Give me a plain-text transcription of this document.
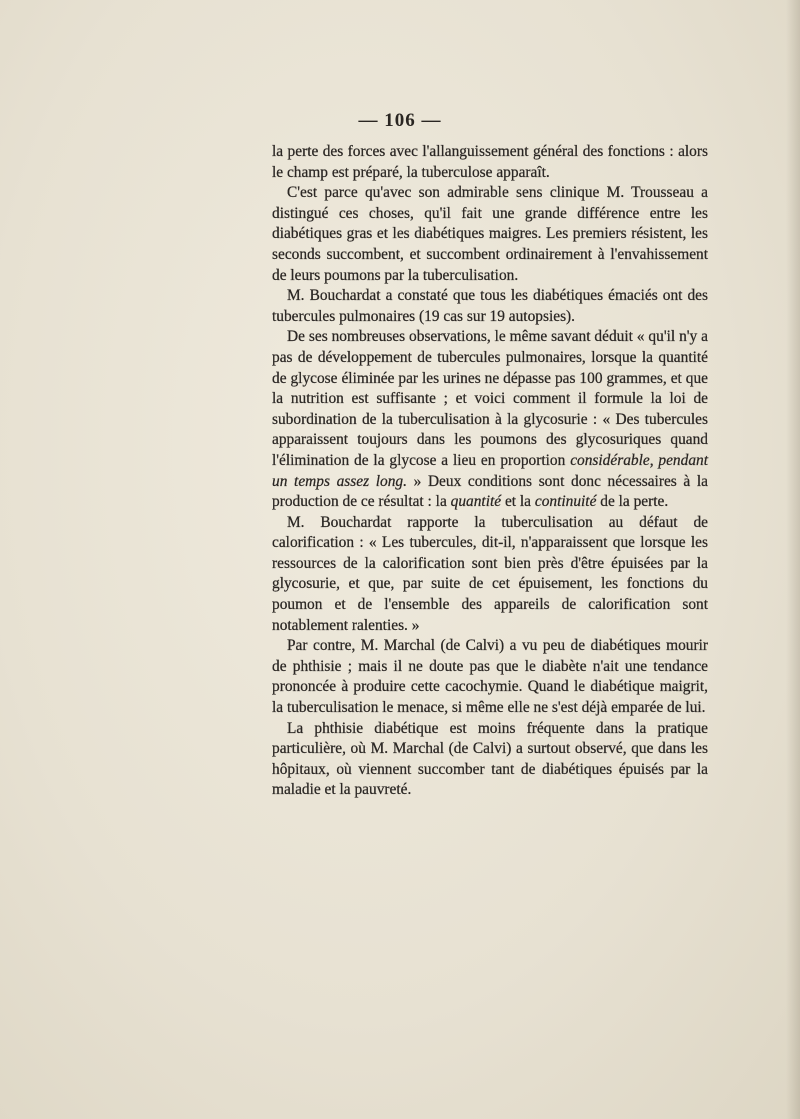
— 106 —

la perte des forces avec l'allanguissement général des fonctions : alors le champ est préparé, la tuberculose apparaît.

C'est parce qu'avec son admirable sens clinique M. Trousseau a distingué ces choses, qu'il fait une grande différence entre les diabétiques gras et les diabétiques maigres. Les premiers résistent, les seconds succombent, et succombent ordinairement à l'envahissement de leurs poumons par la tuberculisation.

M. Bouchardat a constaté que tous les diabétiques émaciés ont des tubercules pulmonaires (19 cas sur 19 autopsies).

De ses nombreuses observations, le même savant déduit « qu'il n'y a pas de développement de tubercules pulmonaires, lorsque la quantité de glycose éliminée par les urines ne dépasse pas 100 grammes, et que la nutrition est suffisante ; et voici comment il formule la loi de subordination de la tuberculisation à la glycosurie : « Des tubercules apparaissent toujours dans les poumons des glycosuriques quand l'élimination de la glycose a lieu en proportion considérable, pendant un temps assez long. » Deux conditions sont donc nécessaires à la production de ce résultat : la quantité et la continuité de la perte.

M. Bouchardat rapporte la tuberculisation au défaut de calorification : « Les tubercules, dit-il, n'apparaissent que lorsque les ressources de la calorification sont bien près d'être épuisées par la glycosurie, et que, par suite de cet épuisement, les fonctions du poumon et de l'ensemble des appareils de calorification sont notablement ralenties. »

Par contre, M. Marchal (de Calvi) a vu peu de diabétiques mourir de phthisie ; mais il ne doute pas que le diabète n'ait une tendance prononcée à produire cette cacochymie. Quand le diabétique maigrit, la tuberculisation le menace, si même elle ne s'est déjà emparée de lui.

La phthisie diabétique est moins fréquente dans la pratique particulière, où M. Marchal (de Calvi) a surtout observé, que dans les hôpitaux, où viennent succomber tant de diabétiques épuisés par la maladie et la pauvreté.
